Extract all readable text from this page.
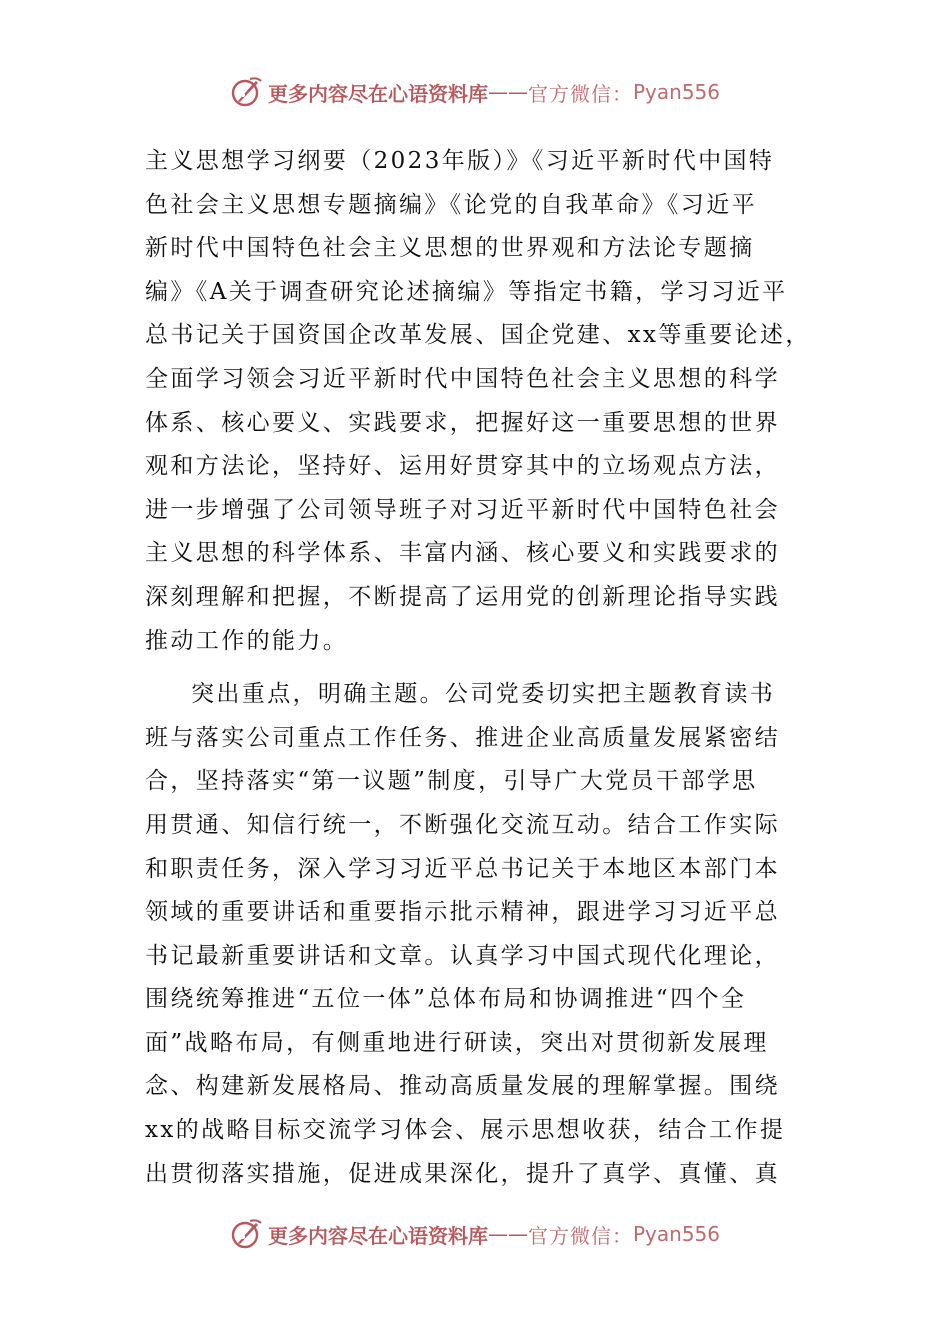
更多内容尽在心语资料库 —— 官方微信： Pyan556

主义思想学习纲要（2023年版）》《习近平新时代中国特
色社会主义思想专题摘编》《论党的自我革命》《习近平
新时代中国特色社会主义思想的世界观和方法论专题摘
编》《A关于调查研究论述摘编》等指定书籍，学习习近平
总书记关于国资国企改革发展、国企党建、xx等重要论述，
全面学习领会习近平新时代中国特色社会主义思想的科学
体系、核心要义、实践要求，把握好这一重要思想的世界
观和方法论，坚持好、运用好贯穿其中的立场观点方法，
进一步增强了公司领导班子对习近平新时代中国特色社会
主义思想的科学体系、丰富内涵、核心要义和实践要求的
深刻理解和把握，不断提高了运用党的创新理论指导实践
推动工作的能力。

突出重点，明确主题。公司党委切实把主题教育读书
班与落实公司重点工作任务、推进企业高质量发展紧密结
合，坚持落实“第一议题”制度，引导广大党员干部学思
用贯通、知信行统一，不断强化交流互动。结合工作实际
和职责任务，深入学习习近平总书记关于本地区本部门本
领域的重要讲话和重要指示批示精神，跟进学习习近平总
书记最新重要讲话和文章。认真学习中国式现代化理论，
围绕统筹推进“五位一体”总体布局和协调推进“四个全
面”战略布局，有侧重地进行研读，突出对贯彻新发展理
念、构建新发展格局、推动高质量发展的理解掌握。围绕
xx的战略目标交流学习体会、展示思想收获，结合工作提
出贯彻落实措施，促进成果深化，提升了真学、真懂、真

更多内容尽在心语资料库 —— 官方微信： Pyan556
